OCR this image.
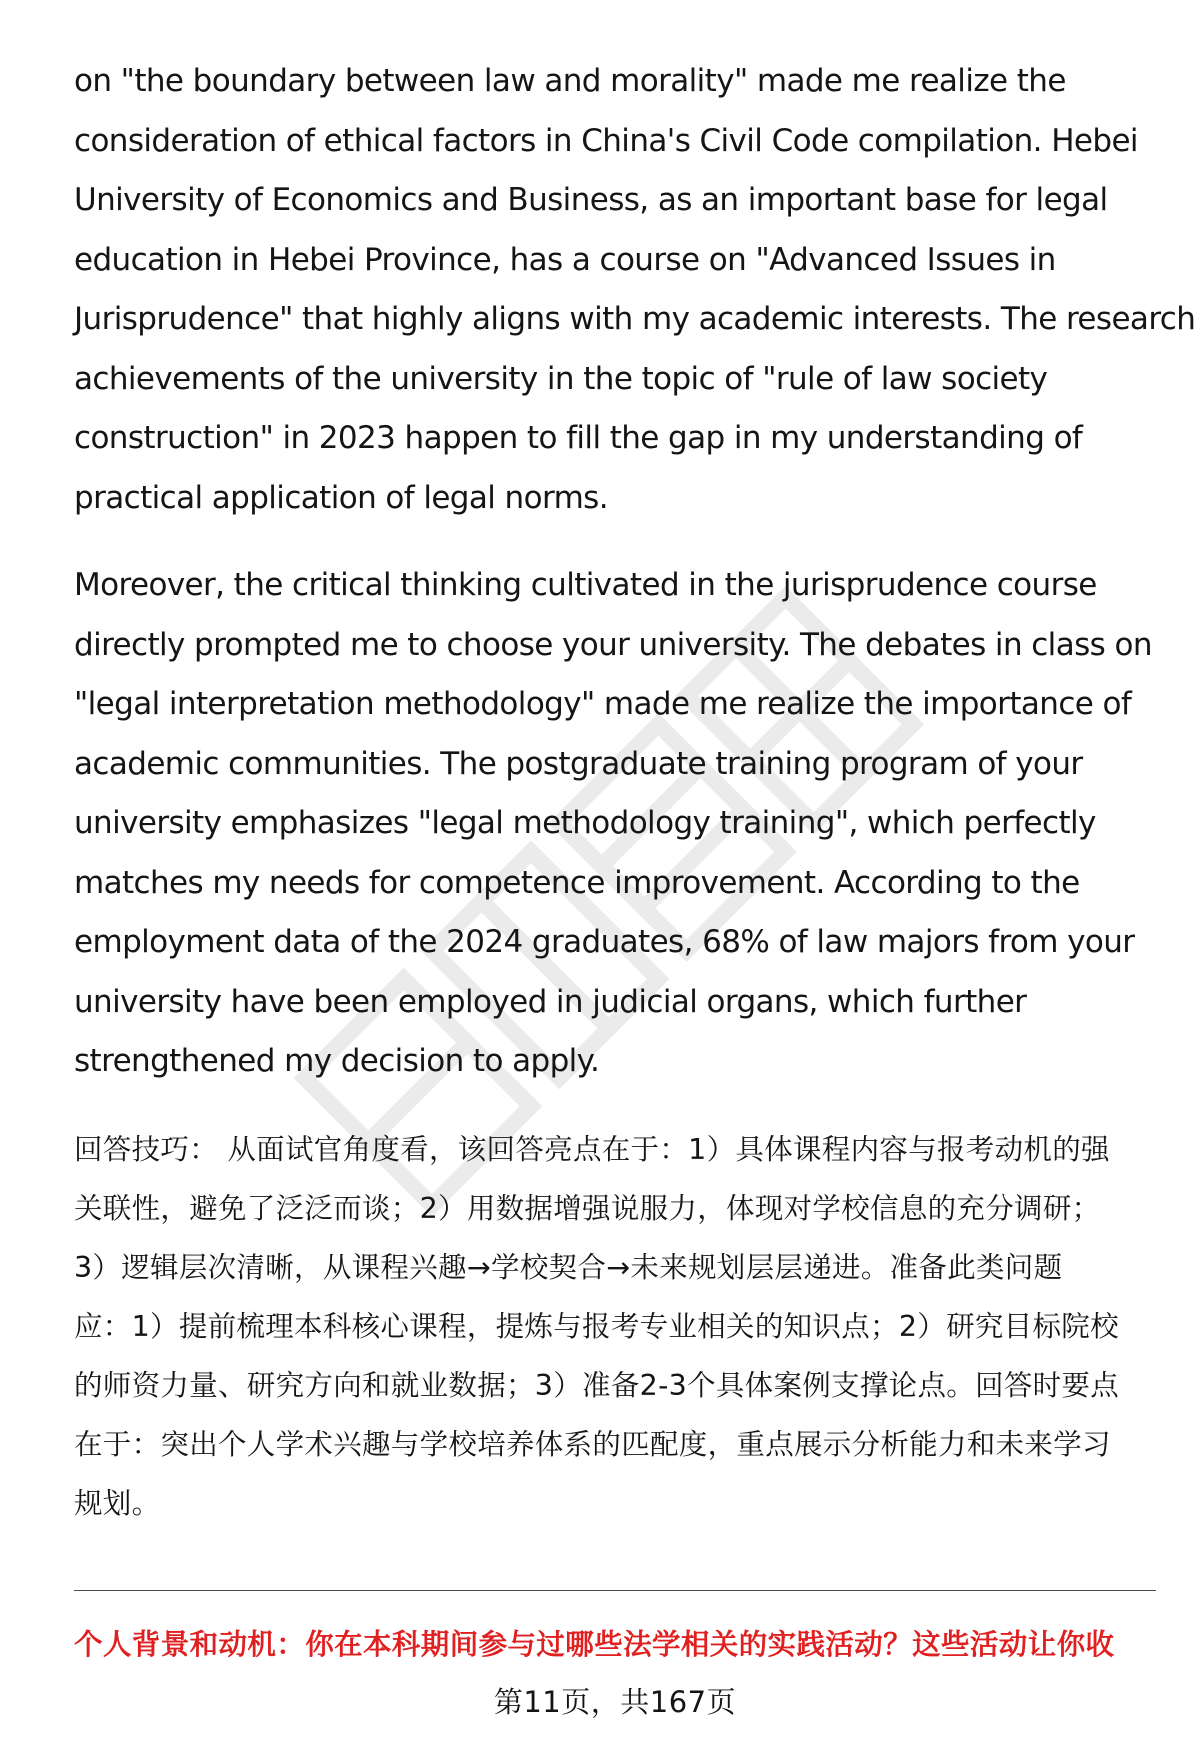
on "the boundary between law and morality" made me realize the
consideration of ethical factors in China's Civil Code compilation. Hebei
University of Economics and Business, as an important base for legal
education in Hebei Province, has a course on "Advanced Issues in
Jurisprudence" that highly aligns with my academic interests. The research
achievements of the university in the topic of "rule of law society
construction" in 2023 happen to fill the gap in my understanding of
practical application of legal norms.

Moreover, the critical thinking cultivated in the jurisprudence course
directly prompted me to choose your university. The debates in class on
"legal interpretation methodology" made me realize the importance of
academic communities. The postgraduate training program of your
university emphasizes "legal methodology training", which perfectly
matches my needs for competence improvement. According to the
employment data of the 2024 graduates, 68% of law majors from your
university have been employed in judicial organs, which further
strengthened my decision to apply.

回答技巧： 从面试官角度看，该回答亮点在于：1）具体课程内容与报考动机的强
关联性，避免了泛泛而谈；2）用数据增强说服力，体现对学校信息的充分调研；
3）逻辑层次清晰，从课程兴趣→学校契合→未来规划层层递进。准备此类问题
应：1）提前梳理本科核心课程，提炼与报考专业相关的知识点；2）研究目标院校
的师资力量、研究方向和就业数据；3）准备2-3个具体案例支撑论点。回答时要点
在于：突出个人学术兴趣与学校培养体系的匹配度，重点展示分析能力和未来学习
规划。

个人背景和动机：你在本科期间参与过哪些法学相关的实践活动？这些活动让你收
第11页，共167页
